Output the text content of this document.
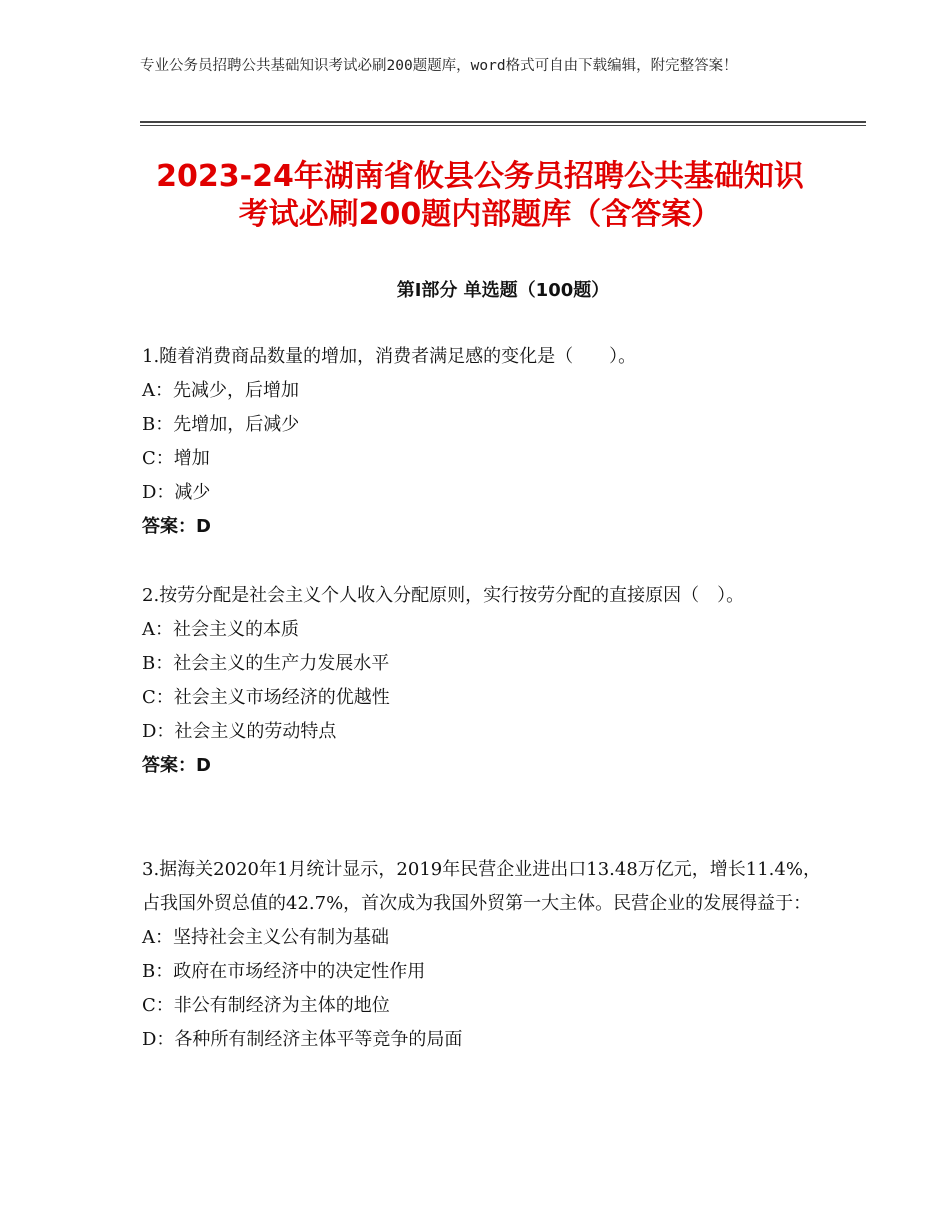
专业公务员招聘公共基础知识考试必刷200题题库，word格式可自由下载编辑，附完整答案！
2023-24年湖南省攸县公务员招聘公共基础知识考试必刷200题内部题库（含答案）
第Ⅰ部分 单选题（100题）
1.随着消费商品数量的增加，消费者满足感的变化是（　　）。
A：先减少，后增加
B：先增加，后减少
C：增加
D：减少
答案：D
2.按劳分配是社会主义个人收入分配原则，实行按劳分配的直接原因（　）。
A：社会主义的本质
B：社会主义的生产力发展水平
C：社会主义市场经济的优越性
D：社会主义的劳动特点
答案：D
3.据海关2020年1月统计显示，2019年民营企业进出口13.48万亿元，增长11.4%，占我国外贸总值的42.7%，首次成为我国外贸第一大主体。民营企业的发展得益于：
A：坚持社会主义公有制为基础
B：政府在市场经济中的决定性作用
C：非公有制经济为主体的地位
D：各种所有制经济主体平等竞争的局面
